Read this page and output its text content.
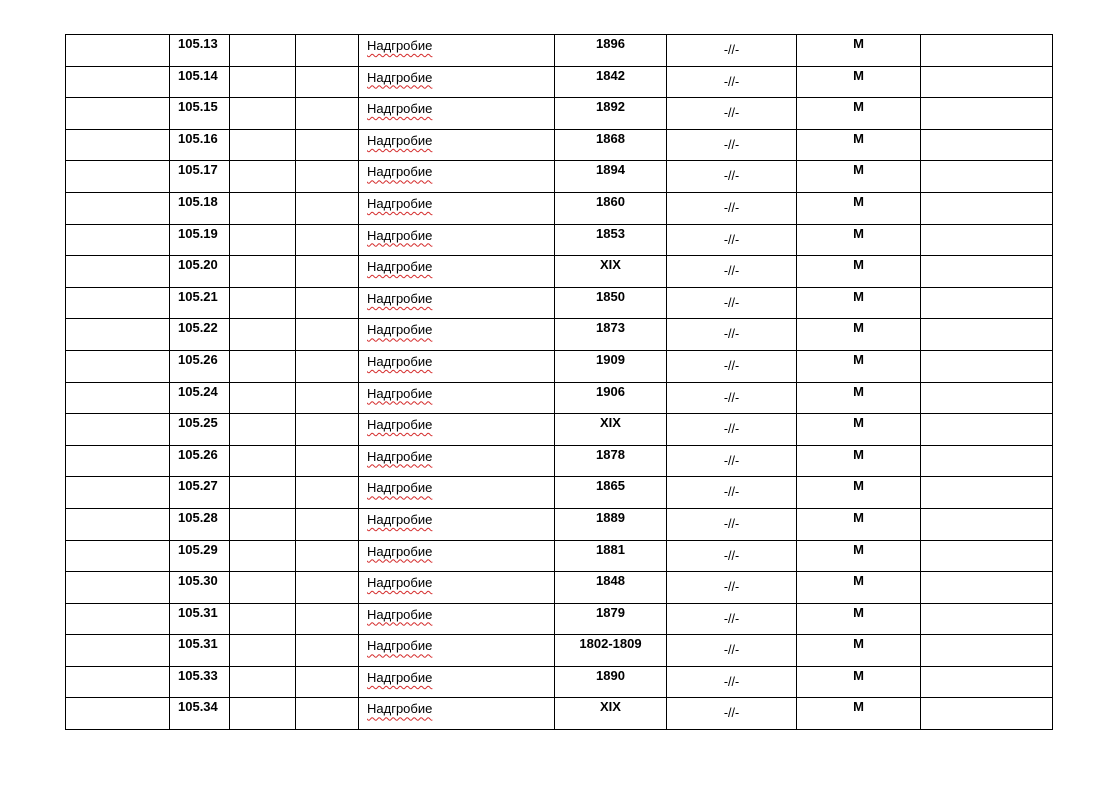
	105.13			Надгробие	1896	-//-	М	

	105.14			Надгробие	1842	-//-	М	

	105.15			Надгробие	1892	-//-	М	

	105.16			Надгробие	1868	-//-	М	

	105.17			Надгробие	1894	-//-	М	

	105.18			Надгробие	1860	-//-	М	

	105.19			Надгробие	1853	-//-	М	

	105.20			Надгробие	XIX	-//-	М	

	105.21			Надгробие	1850	-//-	М	

	105.22			Надгробие	1873	-//-	М	

	105.26			Надгробие	1909	-//-	М	

	105.24			Надгробие	1906	-//-	М	

	105.25			Надгробие	XIX	-//-	М	

	105.26			Надгробие	1878	-//-	М	

	105.27			Надгробие	1865	-//-	М	

	105.28			Надгробие	1889	-//-	М	

	105.29			Надгробие	1881	-//-	М	

	105.30			Надгробие	1848	-//-	М	

	105.31			Надгробие	1879	-//-	М	

	105.31			Надгробие	1802-1809	-//-	М	

	105.33			Надгробие	1890	-//-	М	

	105.34			Надгробие	XIX	-//-	М	
